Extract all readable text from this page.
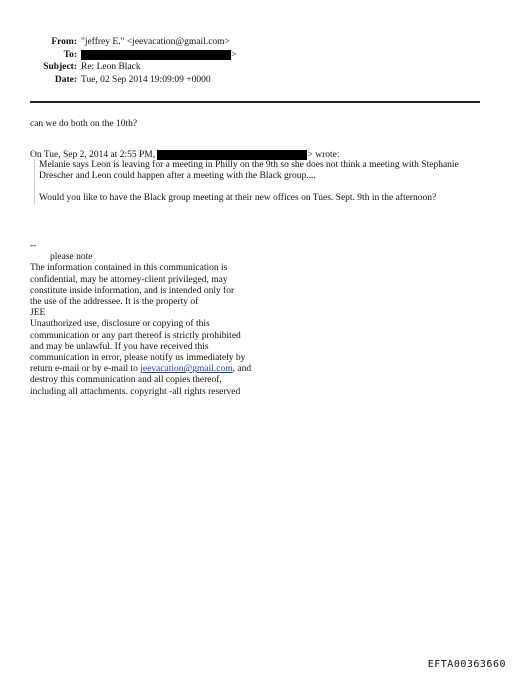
From: "jeffrey E." <jeevacation@gmail.com>
To:	>
Subject: Re: Leon Black
Date: Tue, 02 Sep 2014 19:09:09 +0000
can we do both on the 10th?
On Tue, Sep 2, 2014 at 2:55 PM,	> wrote:

Melanie says Leon is leaving for a meeting in Philly on the 9th so she does not think a meeting with Stephanie Drescher and Leon could happen after a meeting with the Black group....

Would you like to have the Black group meeting at their new offices on Tues. Sept. 9th in the afternoon?

--
please note
The information contained in this communication is
confidential, may be attorney-client privileged, may
constitute inside information, and is intended only for
the use of the addressee. It is the property of
JEE
Unauthorized use, disclosure or copying of this
communication or any part thereof is strictly prohibited
and may be unlawful. If you have received this
communication in error, please notify us immediately by
return e-mail or by e-mail to jeevacation@gmail.com, and
destroy this communication and all copies thereof,
including all attachments. copyright -all rights reserved
EFTA00363660
